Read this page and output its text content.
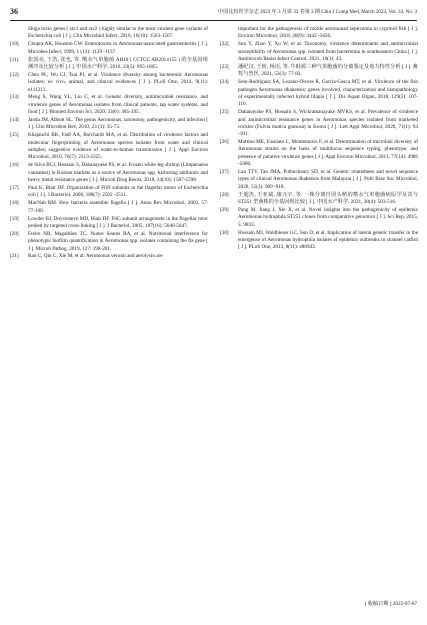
36	中国比较医学杂志 2023 年 3 月第 33 卷第 3 期 Chin J Comp Med, March 2023, Vol. 33, No. 3
Shiga toxin genes ( stx1 and stx2 ) highly similar to the most virulent gene variants of Escherichia coli [ J ]. Clin Microbiol Infect, 2016, 16(10): 1563-1567.
[10] Chopra AK, Houston CW. Enterotoxins in Aeromonas-associated gastroenteritis [ J ]. Microbes Infect, 1999, 1 (13): 1129 -1137.
[11] 张国亮, 王浩, 张也, 等. 嗜水气单胞菌 AH10 ( CCTCC AB2014155 ) 的全基因组测序及比较分析 [ J ]. 中国水产科学, 2016, 23(5): 995-1005.
[12] Chen PL, Wu CJ, Tsai PJ, et al. Virulence diversity among bacteremic Aeromonas isolates; ex vivo, animal, and clinical evidences [ J ]. PLoS One, 2014, 9(11): e111213.
[13] Meng S, Wang YL, Liu C, et al. Genetic diversity, antimicrobial resistance, and virulence genes of Aeromonas isolates from clinical patients, tap water systems, and food [ J ]. Biomed Environ Sci, 2020, 33(6): 385-395.
[14] Janda JM, Abbott SL. The genus Aeromonas; taxonomy, pathogenicity, and infection [ J ]. Clin Microbiol Rev, 2010, 23 (1): 35-73.
[15] Khajanchi BK, Fadl AA, Borchardt MA, et al. Distribution of virulence factors and molecular fingerprinting of Aeromonas species isolates from water and clinical samples; suggestive evidence of water-to-human transmission [ J ]. Appl Environ Microbiol, 2010, 76(7): 2313-2325.
[16] de Silva BCJ, Hossain S, Dahanayake PS, et al. Frozen white-leg shrimp (Litopenaeus vannamei) in Korean markets as a source of Aeromonas spp. harboring antibiotic and heavy metal resistance genes [ J ]. Microb Drug Resist, 2018, 24(10): 1587-1598.
[17] Paul K, Blair DF. Organization of FliN subunits in the flagellar motor of Escherichia coli [ J ]. J Bacteriol, 2006, 188(7): 2502 -2511.
[18] MacNab RM. How bacteria assemble flagella [ J ]. Annu Rev Microbiol, 2003, 57: 77-100.
[19] Lowder BJ, Duyvesteyn MD, Blair DF. FliG subunit arrangement in the flagellar rotor probed by targeted cross-linking [ J ]. J Bacteriol, 2005, 187(16): 5640-5647.
[20] Freire NB, Magalhães TC, Nunes Soares RA, et al. Nutritional interference for phenotypic biofilm quantification in Aeromonas spp. isolates containing the fla gene [ J ]. Microb Pathog, 2019, 127: 198-201.
[21] Ran C, Qin C, Xie M, et al. Aeromonas veronii and aerolysin are
important for the pathogenesis of motile aeromonad septicemia in cyprinid fish [ J ]. Environ Microbiol, 2018, 20(9): 3442 -3456.
[22] Sun Y, Zhao Y, Xu W, et al. Taxonomy, virulence determinants and antimicrobial susceptibility of Aeromonas spp. isolated from bacteremia in southeastern China [ J ]. Antimicrob Resist Infect Control, 2021, 10(1): 43.
[23] 潘纪汉, 王转, 杨语, 等. 牛蛙源三种气单胞菌的分离鉴定及毒力特性分析 [ J ]. 畜牧与兽医, 2021, 53(3): 77-83.
[24] Soto-Rodriguez SA, Lozano-Olvera R, Garcia-Gasca MT, et al. Virulence of the fish pathogen Aeromonas dhakensis; genes involved, characterization and histopathology of experimentally infected hybrid tilapia [ J ]. Dis Aquat Organ, 2018, 129(2): 107-116.
[25] Dahanayake PS, Hossain S, Wickramanayake MVKS, et al. Prevalence of virulence and antimicrobial resistance genes in Aeromonas species isolated from marketed cockles (Fulvia mutica granosa) in Korea [ J ]. Lett Appl Microbiol, 2020, 71(1): 94 -101.
[26] Martino ME, Fasolato L, Montemurro F, et al. Determination of microbial diversity of Aeromonas strains on the basis of multilocus sequence typing, phenotype, and presence of putative virulence genes [ J ]. Appl Environ Microbiol, 2011, 77(14): 4986 -5000.
[27] Lau TTV, Tan JMA, Puthucheary SD, et al. Genetic relatedness and novel sequence types of clinical Aeromonas dhakensis from Malaysia [ J ]. Publ Braz Soc Microbiol, 2020, 51(3): 909 -918.
[28] 王超杰, 王亚斌, 康兴宇, 等. 一株分离自团头鲂的嗜水气单胞菌病原学及其与 ST251 型菌株的全基因组比较 [ J ]. 中国水产科学, 2021, 28(4): 503-516.
[29] Pang M, Jiang J, Xie X, et al. Novel insights into the pathogenicity of epidemic Aeromonas hydrophila ST251 clones from comparative genomics [ J ]. Sci Rep, 2015, 5: 9833.
[30] Hossain MJ, Waldbieser GC, Sun D, et al. Implication of lateral genetic transfer in the emergence of Aeromonas hydrophila isolates of epidemic outbreaks in channel catfish [ J ]. PLoS One, 2013, 8(11): e80943.
[ 收稿日期 ] 2022-07-07
